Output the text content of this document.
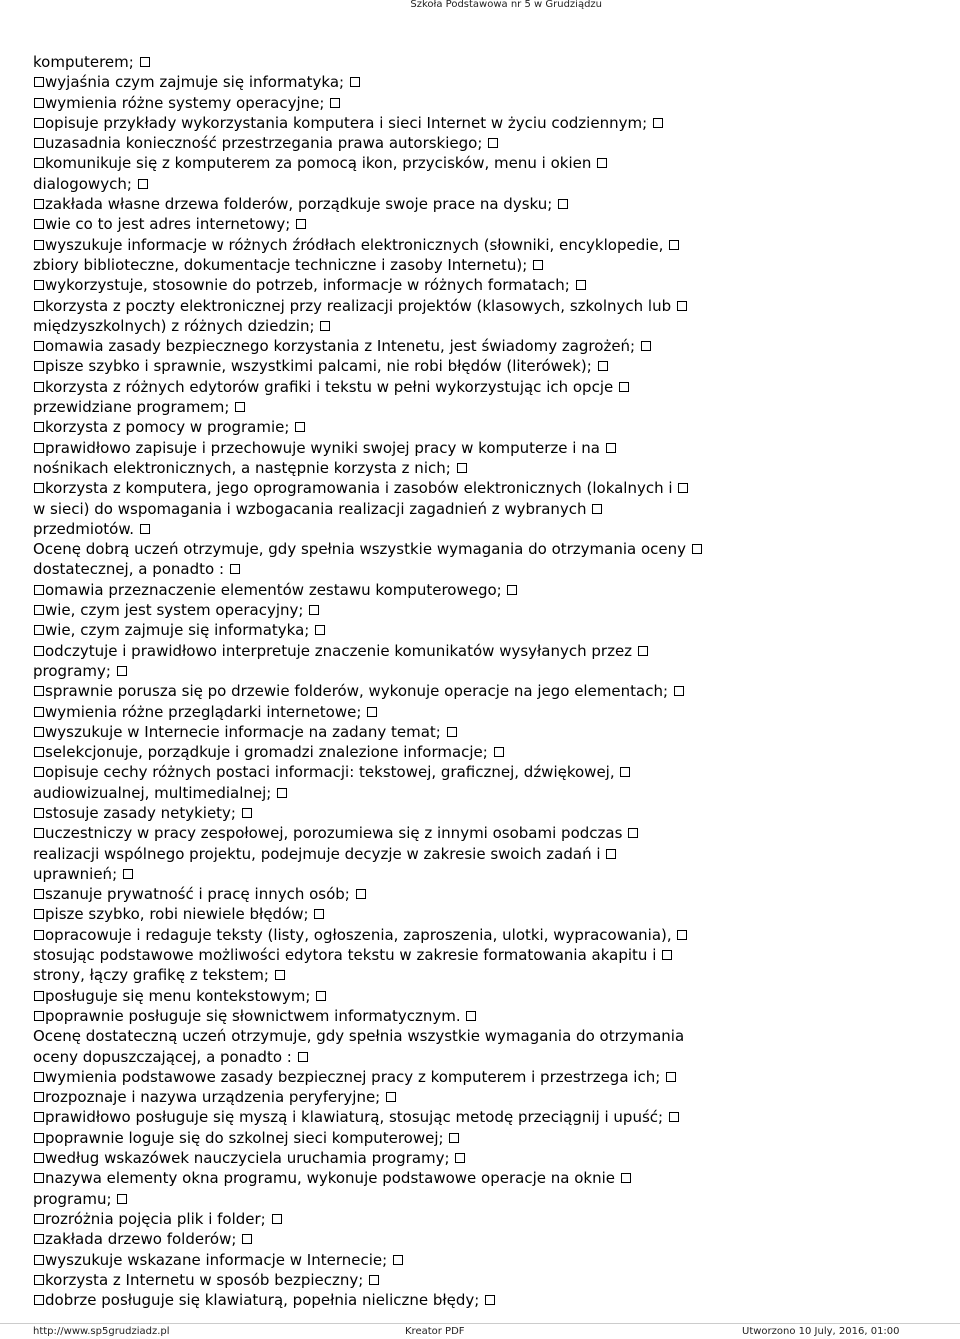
Szkoła Podstawowa nr 5 w Grudziądzu
komputerem;
wyjaśnia czym zajmuje się informatyka;
wymienia różne systemy operacyjne;
opisuje przykłady wykorzystania komputera i sieci Internet w życiu codziennym;
uzasadnia konieczność przestrzegania prawa autorskiego;
komunikuje się z komputerem za pomocą ikon, przycisków, menu i okien
dialogowych;
zakłada własne drzewa folderów, porządkuje swoje prace na dysku;
wie co to jest adres internetowy;
wyszukuje informacje w różnych źródłach elektronicznych (słowniki, encyklopedie,
zbiory biblioteczne, dokumentacje techniczne i zasoby Internetu);
wykorzystuje, stosownie do potrzeb, informacje w różnych formatach;
korzysta z poczty elektronicznej przy realizacji projektów (klasowych, szkolnych lub
międzyszkolnych) z różnych dziedzin;
omawia zasady bezpiecznego korzystania z Intenetu, jest świadomy zagrożeń;
pisze szybko i sprawnie, wszystkimi palcami, nie robi błędów (literówek);
korzysta z różnych edytorów grafiki i tekstu w pełni wykorzystując ich opcje
przewidziane programem;
korzysta z pomocy w programie;
prawidłowo zapisuje i przechowuje wyniki swojej pracy w komputerze i na
nośnikach elektronicznych, a następnie korzysta z nich;
korzysta z komputera, jego oprogramowania i zasobów elektronicznych (lokalnych i
w sieci) do wspomagania i wzbogacania realizacji zagadnień z wybranych
przedmiotów.
Ocenę dobrą uczeń otrzymuje, gdy spełnia wszystkie wymagania do otrzymania oceny
dostatecznej, a ponadto :
omawia przeznaczenie elementów zestawu komputerowego;
wie, czym jest system operacyjny;
wie, czym zajmuje się informatyka;
odczytuje i prawidłowo interpretuje znaczenie komunikatów wysyłanych przez
programy;
sprawnie porusza się po drzewie folderów, wykonuje operacje na jego elementach;
wymienia różne przeglądarki internetowe;
wyszukuje w Internecie informacje na zadany temat;
selekcjonuje, porządkuje i gromadzi znalezione informacje;
opisuje cechy różnych postaci informacji: tekstowej, graficznej, dźwiękowej,
audiowizualnej, multimedialnej;
stosuje zasady netykiety;
uczestniczy w pracy zespołowej, porozumiewa się z innymi osobami podczas
realizacji wspólnego projektu, podejmuje decyzje w zakresie swoich zadań i
uprawnień;
szanuje prywatność i pracę innych osób;
pisze szybko, robi niewiele błędów;
opracowuje i redaguje teksty (listy, ogłoszenia, zaproszenia, ulotki, wypracowania),
stosując podstawowe możliwości edytora tekstu w zakresie formatowania akapitu i
strony, łączy grafikę z tekstem;
posługuje się menu kontekstowym;
poprawnie posługuje się słownictwem informatycznym.
Ocenę dostateczną uczeń otrzymuje, gdy spełnia wszystkie wymagania do otrzymania
oceny dopuszczającej, a ponadto :
wymienia podstawowe zasady bezpiecznej pracy z komputerem i przestrzega ich;
rozpoznaje i nazywa urządzenia peryferyjne;
prawidłowo posługuje się myszą i klawiaturą, stosując metodę przeciągnij i upuść;
poprawnie loguje się do szkolnej sieci komputerowej;
według wskazówek nauczyciela uruchamia programy;
nazywa elementy okna programu, wykonuje podstawowe operacje na oknie
programu;
rozróżnia pojęcia plik i folder;
zakłada drzewo folderów;
wyszukuje wskazane informacje w Internecie;
korzysta z Internetu w sposób bezpieczny;
dobrze posługuje się klawiaturą, popełnia nieliczne błędy;
http://www.sp5grudziadz.pl	Kreator PDF	Utworzono 10 July, 2016, 01:00
